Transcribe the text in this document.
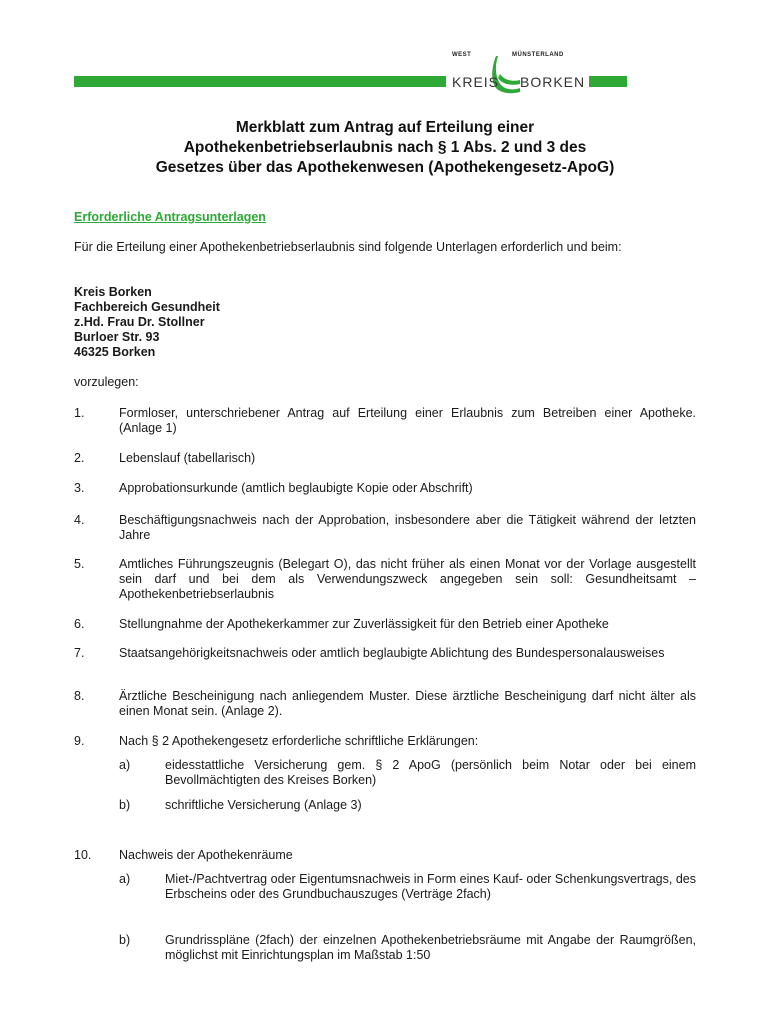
WEST	MÜNSTERLAND
KREIS BORKEN
Merkblatt zum Antrag auf Erteilung einer
Apothekenbetriebserlaubnis nach § 1 Abs. 2 und 3 des
Gesetzes über das Apothekenwesen (Apothekengesetz-ApoG)
Erforderliche Antragsunterlagen
Für die Erteilung einer Apothekenbetriebserlaubnis sind folgende Unterlagen erforderlich und beim:
Kreis Borken
Fachbereich Gesundheit
z.Hd. Frau Dr. Stollner
Burloer Str. 93
46325 Borken
vorzulegen:
1.	Formloser, unterschriebener Antrag auf Erteilung einer Erlaubnis zum Betreiben einer Apotheke. (Anlage 1)
2.	Lebenslauf (tabellarisch)
3.	Approbationsurkunde (amtlich beglaubigte Kopie oder Abschrift)
4.	Beschäftigungsnachweis nach der Approbation, insbesondere aber die Tätigkeit während der letzten Jahre
5.	Amtliches Führungszeugnis (Belegart O), das nicht früher als einen Monat vor der Vorlage ausgestellt sein darf und bei dem als Verwendungszweck angegeben sein soll: Gesundheitsamt – Apothekenbetriebserlaubnis
6.	Stellungnahme der Apothekerkammer zur Zuverlässigkeit für den Betrieb einer Apotheke
7.	Staatsangehörigkeitsnachweis oder amtlich beglaubigte Ablichtung des Bundespersonalausweises
8.	Ärztliche Bescheinigung nach anliegendem Muster. Diese ärztliche Bescheinigung darf nicht älter als einen Monat sein. (Anlage 2).
9.	Nach § 2 Apothekengesetz erforderliche schriftliche Erklärungen:
a)	eidesstattliche Versicherung gem. § 2 ApoG (persönlich beim Notar oder bei einem Bevollmächtigten des Kreises Borken)
b)	schriftliche Versicherung (Anlage 3)
10. Nachweis der Apothekenräume
a)	Miet-/Pachtvertrag oder Eigentumsnachweis in Form eines Kauf- oder Schenkungsvertrags, des Erbscheins oder des Grundbuchauszuges (Verträge 2fach)
b)	Grundrisspläne (2fach) der einzelnen Apothekenbetriebsräume mit Angabe der Raumgrößen, möglichst mit Einrichtungsplan im Maßstab 1:50
